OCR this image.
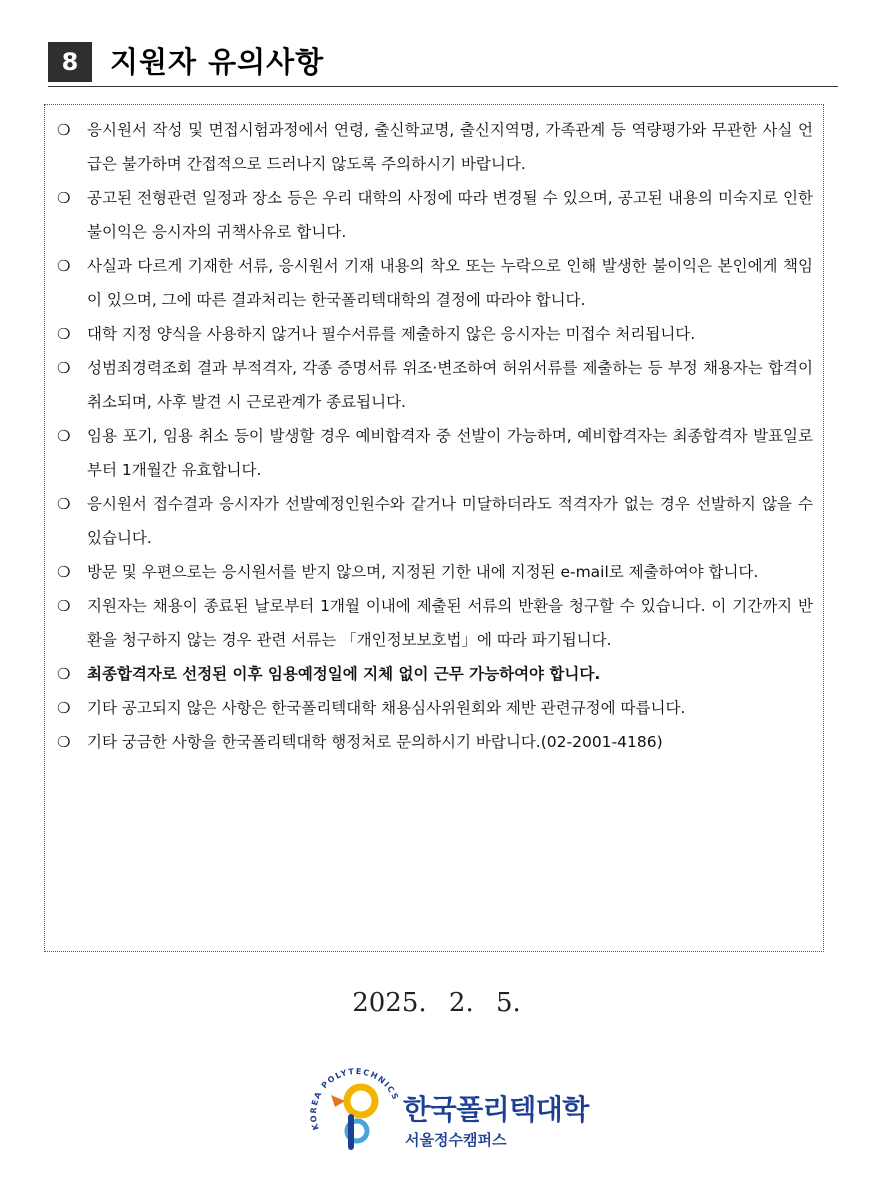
8	지원자 유의사항

❍ 응시원서 작성 및 면접시험과정에서 연령, 출신학교명, 출신지역명, 가족관계 등 역량평가와 무관한 사실 언급은 불가하며 간접적으로 드러나지 않도록 주의하시기 바랍니다.

❍ 공고된 전형관련 일정과 장소 등은 우리 대학의 사정에 따라 변경될 수 있으며, 공고된 내용의 미숙지로 인한 불이익은 응시자의 귀책사유로 합니다.

❍ 사실과 다르게 기재한 서류, 응시원서 기재 내용의 착오 또는 누락으로 인해 발생한 불이익은 본인에게 책임이 있으며, 그에 따른 결과처리는 한국폴리텍대학의 결정에 따라야 합니다.

❍ 대학 지정 양식을 사용하지 않거나 필수서류를 제출하지 않은 응시자는 미접수 처리됩니다.

❍ 성범죄경력조회 결과 부적격자, 각종 증명서류 위조·변조하여 허위서류를 제출하는 등 부정 채용자는 합격이 취소되며, 사후 발견 시 근로관계가 종료됩니다.

❍ 임용 포기, 임용 취소 등이 발생할 경우 예비합격자 중 선발이 가능하며, 예비합격자는 최종합격자 발표일로부터 1개월간 유효합니다.

❍ 응시원서 접수결과 응시자가 선발예정인원수와 같거나 미달하더라도 적격자가 없는 경우 선발하지 않을 수 있습니다.

❍ 방문 및 우편으로는 응시원서를 받지 않으며, 지정된 기한 내에 지정된 e-mail로 제출하여야 합니다.

❍ 지원자는 채용이 종료된 날로부터 1개월 이내에 제출된 서류의 반환을 청구할 수 있습니다. 이 기간까지 반환을 청구하지 않는 경우 관련 서류는 「개인정보보호법」에 따라 파기됩니다.

❍ 최종합격자로 선정된 이후 임용예정일에 지체 없이 근무 가능하여야 합니다.

❍ 기타 공고되지 않은 사항은 한국폴리텍대학 채용심사위원회와 제반 관련규정에 따릅니다.

❍ 기타 궁금한 사항을 한국폴리텍대학 행정처로 문의하시기 바랍니다.(02-2001-4186)

2025. 2. 5.
KOREA POLYTECHNICS 한국폴리텍대학
서울정수캠퍼스
